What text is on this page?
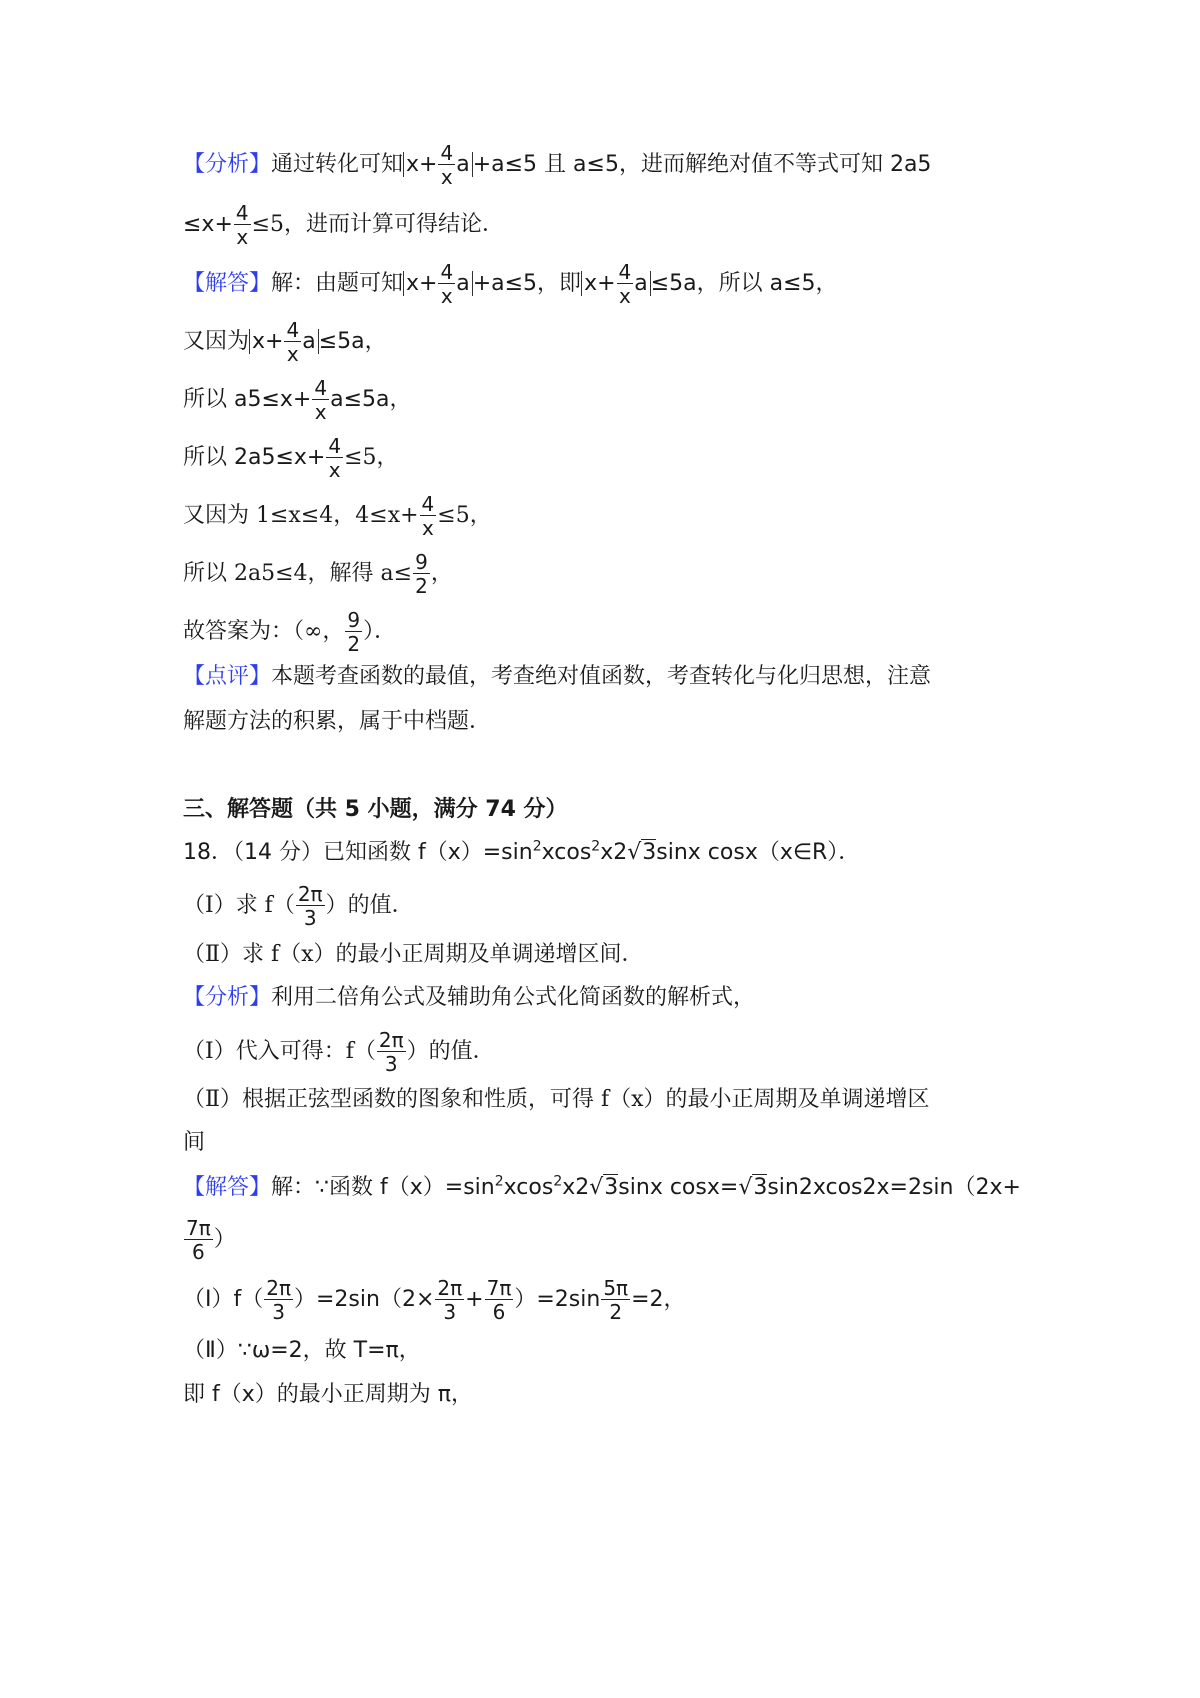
【分析】通过转化可知 $x+ \frac{4}{x}$ a +a≤5 且 a≤5，进而解绝对值不等式可知 2a5
$\le x+ \frac{4}{x} \le 5$，进而计算可得结论．
【解答】解：由题可知 $x+ \frac{4}{x}$ a +a≤5，即 $x+ \frac{4}{x}$ a ≤5a，所以 a≤5，
又因为 $x+ \frac{4}{x}$ a ≤5a，
所以 $a5\le x+ \frac{4}{x} a\le 5a$，
所以 $2a5\le x+ \frac{4}{x} \le 5$，
又因为 1≤x≤4，$4\le x+ \frac{4}{x} \le 5$，
所以 2a5≤4，解得 $a\le \frac{9}{2}$ ，
故答案为：（∞， $\frac{9}{2}$ ）．
【点评】本题考查函数的最值，考查绝对值函数，考查转化与化归思想，注意
解题方法的积累，属于中档题．
三、解答题（共 5 小题，满分 74 分）
18．（14 分）已知函数 $f(x)=\sin^2xcos^2x2√3\sin x$ cosx（x∈R）．
（Ⅰ）求 $f( \frac{2\pi}{3}$ ）的值．
（Ⅱ）求 f（x）的最小正周期及单调递增区间．
【分析】利用二倍角公式及辅助角公式化简函数的解析式，
（Ⅰ）代入可得：$f( \frac{2\pi}{3}$ ）的值．
（Ⅱ）根据正弦型函数的图象和性质，可得 f（x）的最小正周期及单调递增区
间
【解答】解：∵函数 $f(x)=\sin^2xcos^2x2√3\sin x$ cosx=√3sin2xcos2x=2sin（2x+
$\frac{7\pi}{6}$ ）
（Ⅰ）f（ $\frac{2\pi}{3} )=2\sin(2\times \frac{2\pi}{3} + \frac{7\pi}{6} )=2\sin \frac{5\pi}{2} =2$，
（Ⅱ）∵ω=2，故 T=π，
即 f（x）的最小正周期为 π，
